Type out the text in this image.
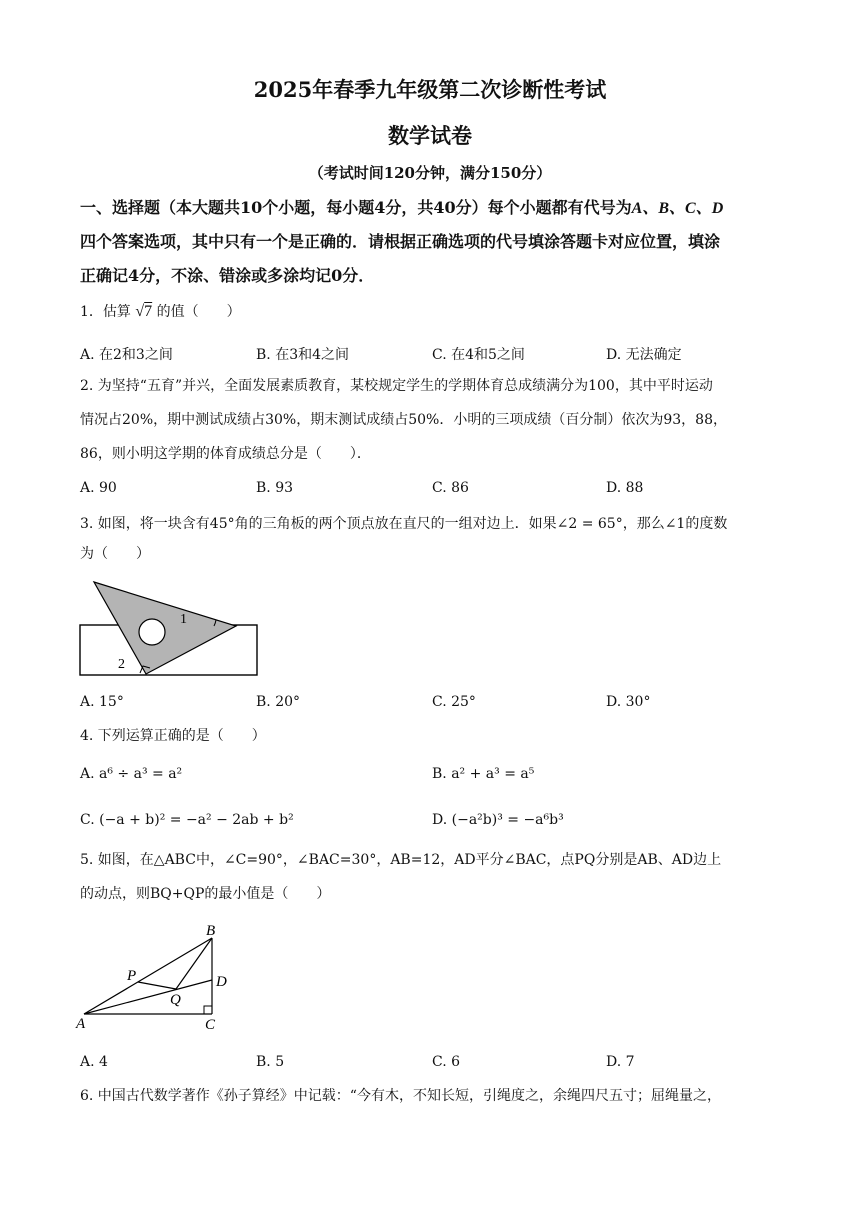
2025年春季九年级第二次诊断性考试
数学试卷
（考试时间120分钟，满分150分）
一、选择题（本大题共10个小题，每小题4分，共40分）每个小题都有代号为A、B、C、D
四个答案选项，其中只有一个是正确的．请根据正确选项的代号填涂答题卡对应位置，填涂
正确记4分，不涂、错涂或多涂均记0分．
1．估算 √7 的值（　　）
A. 在2和3之间	B. 在3和4之间	C. 在4和5之间	D. 无法确定
2. 为坚持“五育”并兴，全面发展素质教育，某校规定学生的学期体育总成绩满分为100，其中平时运动
情况占20%，期中测试成绩占30%，期末测试成绩占50%．小明的三项成绩（百分制）依次为93，88，
86，则小明这学期的体育成绩总分是（　　）．
A. 90	B. 93	C. 86	D. 88
3. 如图，将一块含有45°角的三角板的两个顶点放在直尺的一组对边上．如果∠2 = 65°，那么∠1的度数
为（　　）
1
2
A. 15°	B. 20°	C. 25°	D. 30°
4. 下列运算正确的是（　　）
A. a⁶ ÷ a³ = a²	B. a² + a³ = a⁵
C. (−a + b)² = −a² − 2ab + b²	D. (−a²b)³ = −a⁶b³
5. 如图，在△ABC中，∠C=90°，∠BAC=30°，AB=12，AD平分∠BAC，点PQ分别是AB、AD边上
的动点，则BQ+QP的最小值是（　　）
B
P	D
Q
A	C
A. 4	B. 5	C. 6	D. 7
6. 中国古代数学著作《孙子算经》中记载：“今有木，不知长短，引绳度之，余绳四尺五寸；屈绳量之，
